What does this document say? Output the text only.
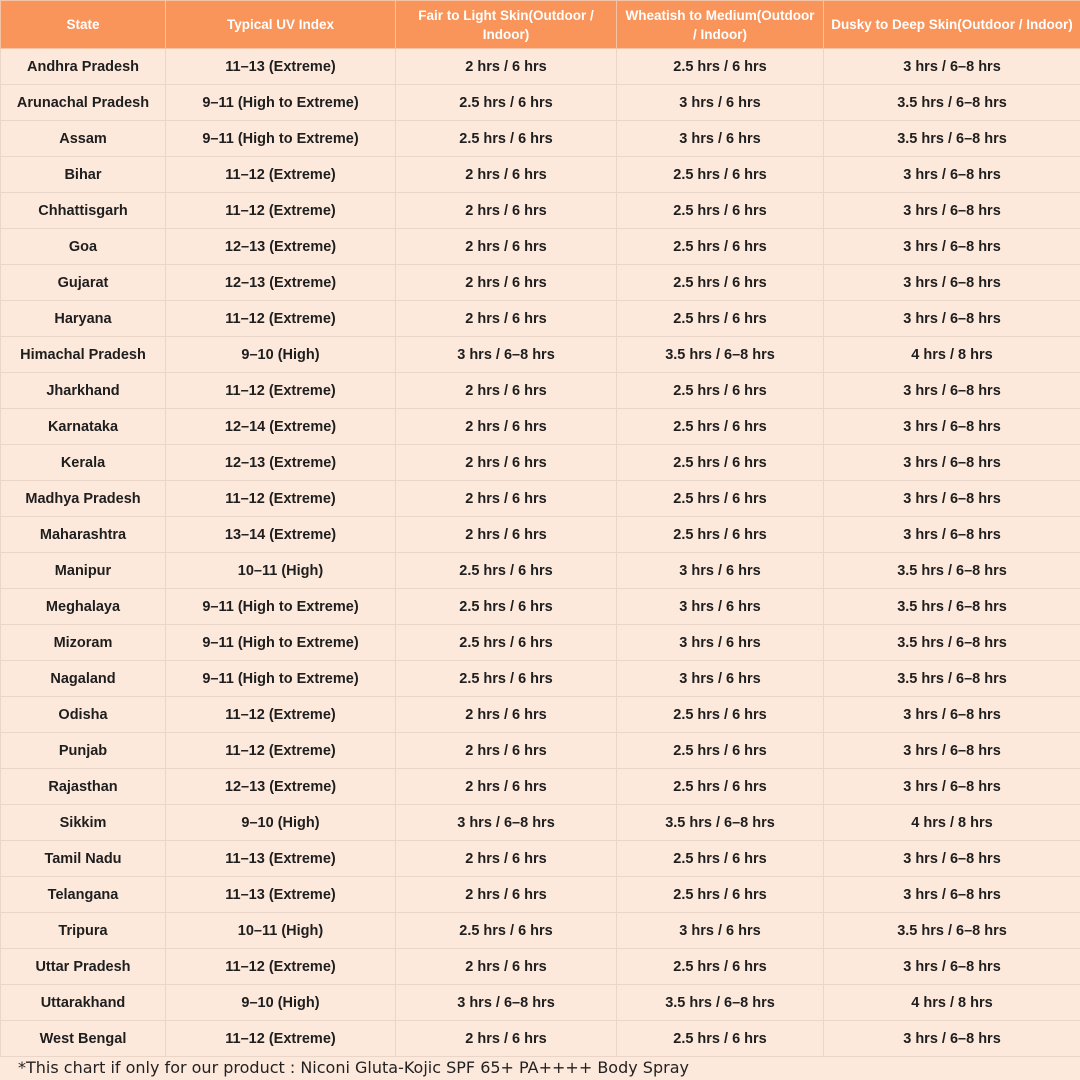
State	Typical UV Index	Fair to Light Skin(Outdoor / Indoor)	Wheatish to Medium(Outdoor / Indoor)	Dusky to Deep Skin(Outdoor / Indoor)
Andhra Pradesh	11–13 (Extreme)	2 hrs / 6 hrs	2.5 hrs / 6 hrs	3 hrs / 6–8 hrs
Arunachal Pradesh	9–11 (High to Extreme)	2.5 hrs / 6 hrs	3 hrs / 6 hrs	3.5 hrs / 6–8 hrs
Assam	9–11 (High to Extreme)	2.5 hrs / 6 hrs	3 hrs / 6 hrs	3.5 hrs / 6–8 hrs
Bihar	11–12 (Extreme)	2 hrs / 6 hrs	2.5 hrs / 6 hrs	3 hrs / 6–8 hrs
Chhattisgarh	11–12 (Extreme)	2 hrs / 6 hrs	2.5 hrs / 6 hrs	3 hrs / 6–8 hrs
Goa	12–13 (Extreme)	2 hrs / 6 hrs	2.5 hrs / 6 hrs	3 hrs / 6–8 hrs
Gujarat	12–13 (Extreme)	2 hrs / 6 hrs	2.5 hrs / 6 hrs	3 hrs / 6–8 hrs
Haryana	11–12 (Extreme)	2 hrs / 6 hrs	2.5 hrs / 6 hrs	3 hrs / 6–8 hrs
Himachal Pradesh	9–10 (High)	3 hrs / 6–8 hrs	3.5 hrs / 6–8 hrs	4 hrs / 8 hrs
Jharkhand	11–12 (Extreme)	2 hrs / 6 hrs	2.5 hrs / 6 hrs	3 hrs / 6–8 hrs
Karnataka	12–14 (Extreme)	2 hrs / 6 hrs	2.5 hrs / 6 hrs	3 hrs / 6–8 hrs
Kerala	12–13 (Extreme)	2 hrs / 6 hrs	2.5 hrs / 6 hrs	3 hrs / 6–8 hrs
Madhya Pradesh	11–12 (Extreme)	2 hrs / 6 hrs	2.5 hrs / 6 hrs	3 hrs / 6–8 hrs
Maharashtra	13–14 (Extreme)	2 hrs / 6 hrs	2.5 hrs / 6 hrs	3 hrs / 6–8 hrs
Manipur	10–11 (High)	2.5 hrs / 6 hrs	3 hrs / 6 hrs	3.5 hrs / 6–8 hrs
Meghalaya	9–11 (High to Extreme)	2.5 hrs / 6 hrs	3 hrs / 6 hrs	3.5 hrs / 6–8 hrs
Mizoram	9–11 (High to Extreme)	2.5 hrs / 6 hrs	3 hrs / 6 hrs	3.5 hrs / 6–8 hrs
Nagaland	9–11 (High to Extreme)	2.5 hrs / 6 hrs	3 hrs / 6 hrs	3.5 hrs / 6–8 hrs
Odisha	11–12 (Extreme)	2 hrs / 6 hrs	2.5 hrs / 6 hrs	3 hrs / 6–8 hrs
Punjab	11–12 (Extreme)	2 hrs / 6 hrs	2.5 hrs / 6 hrs	3 hrs / 6–8 hrs
Rajasthan	12–13 (Extreme)	2 hrs / 6 hrs	2.5 hrs / 6 hrs	3 hrs / 6–8 hrs
Sikkim	9–10 (High)	3 hrs / 6–8 hrs	3.5 hrs / 6–8 hrs	4 hrs / 8 hrs
Tamil Nadu	11–13 (Extreme)	2 hrs / 6 hrs	2.5 hrs / 6 hrs	3 hrs / 6–8 hrs
Telangana	11–13 (Extreme)	2 hrs / 6 hrs	2.5 hrs / 6 hrs	3 hrs / 6–8 hrs
Tripura	10–11 (High)	2.5 hrs / 6 hrs	3 hrs / 6 hrs	3.5 hrs / 6–8 hrs
Uttar Pradesh	11–12 (Extreme)	2 hrs / 6 hrs	2.5 hrs / 6 hrs	3 hrs / 6–8 hrs
Uttarakhand	9–10 (High)	3 hrs / 6–8 hrs	3.5 hrs / 6–8 hrs	4 hrs / 8 hrs
West Bengal	11–12 (Extreme)	2 hrs / 6 hrs	2.5 hrs / 6 hrs	3 hrs / 6–8 hrs
*This chart if only for our product : Niconi Gluta-Kojic SPF 65+ PA++++ Body Spray
